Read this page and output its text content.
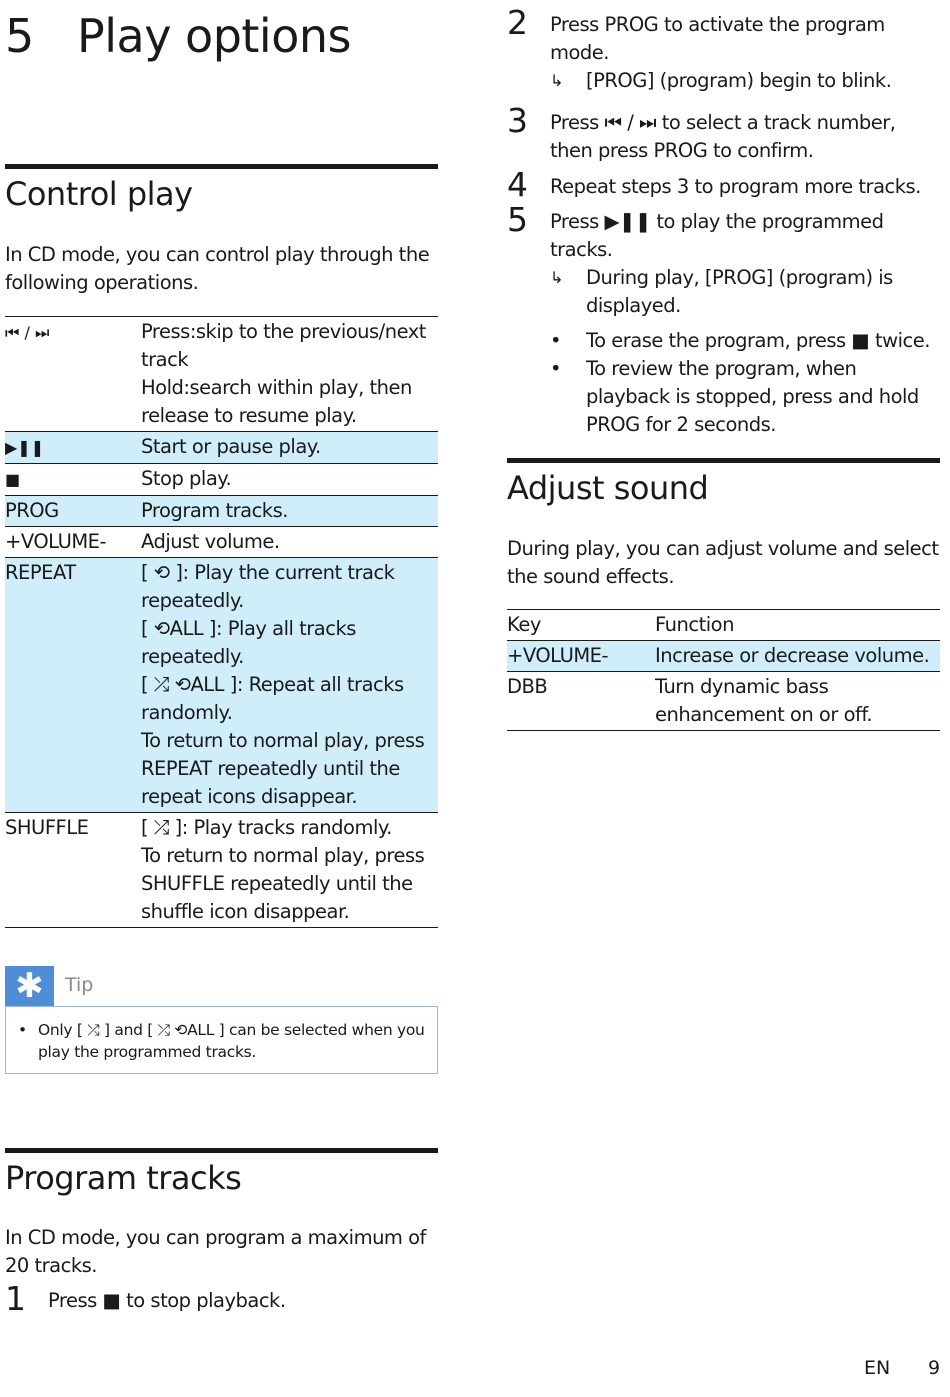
5 Play options
Control play
In CD mode, you can control play through the following operations.
⏮ / ⏭	Press:skip to the previous/next track
Hold:search within play, then release to resume play.

▶❚❚	Start or pause play.

■	Stop play.

PROG	Program tracks.

+VOLUME-	Adjust volume.

REPEAT	[ ⟲ ]: Play the current track repeatedly.
[ ⟲ALL ]: Play all tracks repeatedly.
[ ⤮ ⟲ALL ]: Repeat all tracks randomly.
To return to normal play, press REPEAT repeatedly until the repeat icons disappear.

SHUFFLE	[ ⤮ ]: Play tracks randomly.
To return to normal play, press SHUFFLE repeatedly until the shuffle icon disappear.
✱	Tip
• Only [ ⤮ ] and [ ⤮ ⟲ALL ] can be selected when you play the programmed tracks.
Program tracks
In CD mode, you can program a maximum of 20 tracks.
1 Press ■ to stop playback.
2 Press PROG to activate the program mode.
↳ [PROG] (program) begin to blink.
3 Press ⏮ / ⏭ to select a track number, then press PROG to confirm.
4 Repeat steps 3 to program more tracks.
5 Press ▶❚❚ to play the programmed tracks.
↳ During play, [PROG] (program) is displayed.
• To erase the program, press ■ twice.
• To review the program, when playback is stopped, press and hold PROG for 2 seconds.
Adjust sound
During play, you can adjust volume and select the sound effects.
Key	Function
+VOLUME-	Increase or decrease volume.
DBB	Turn dynamic bass enhancement on or off.
EN 9
